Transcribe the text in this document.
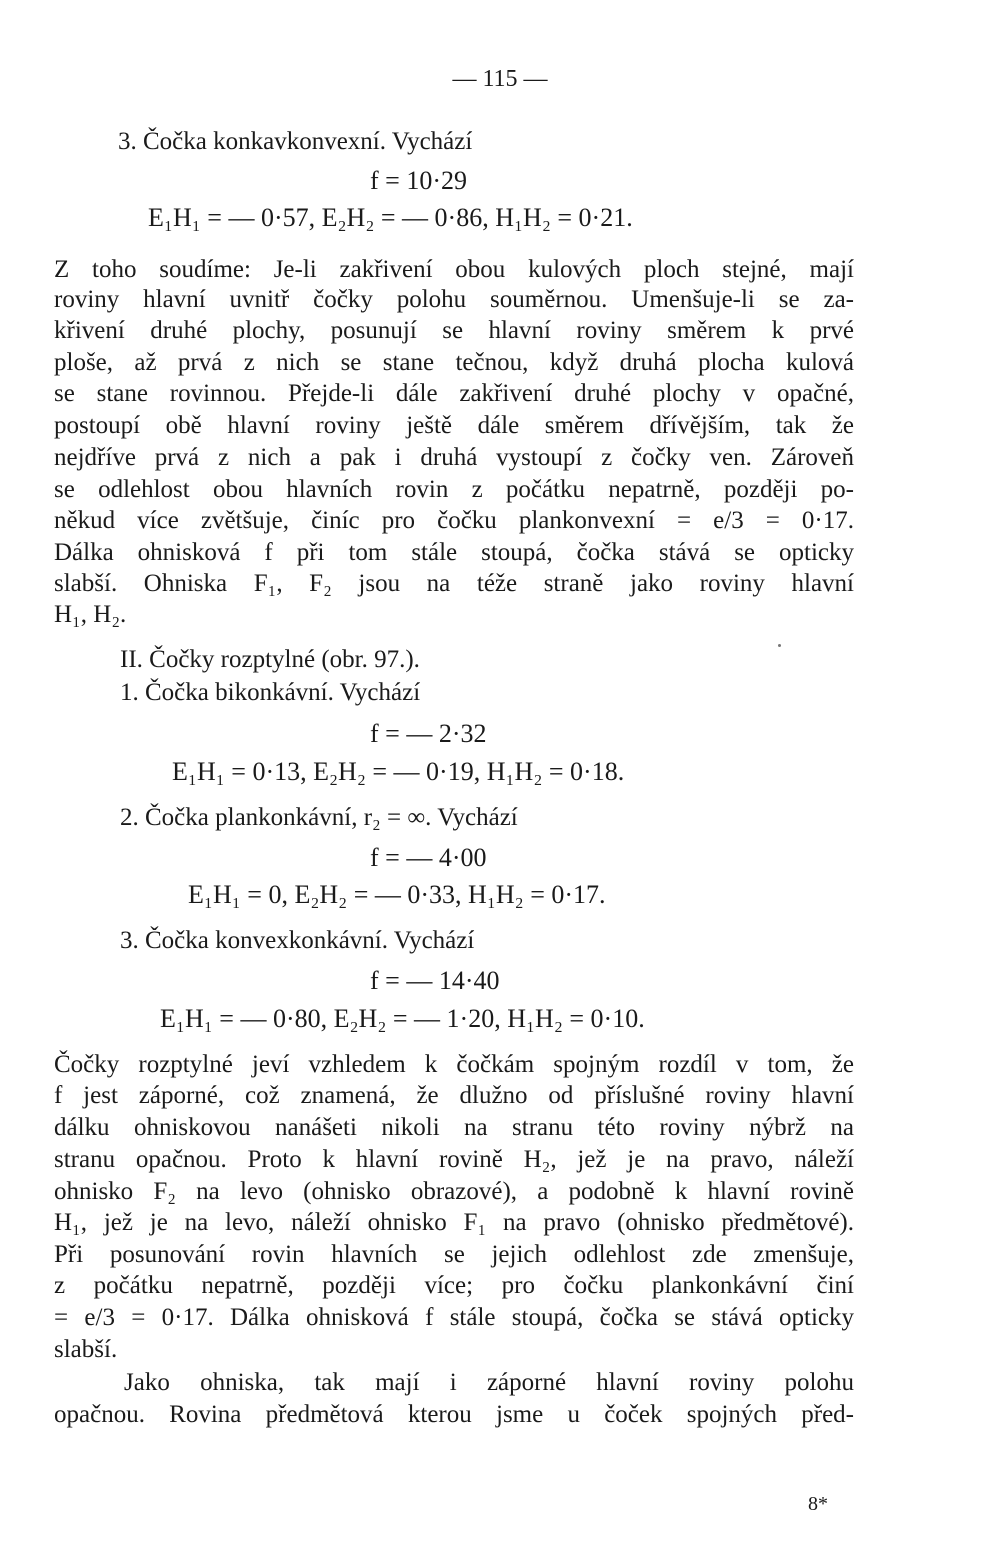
— 115 —
3. Čočka konkavkonvexní. Vychází
f = 10·29
E₁H₁ = — 0·57, E₂H₂ = — 0·86, H₁H₂ = 0·21.
Z toho soudíme: Je-li zakřivení obou kulových ploch stejné, mají
roviny hlavní uvnitř čočky polohu souměrnou. Umenšuje-li se za-
křivení druhé plochy, posunují se hlavní roviny směrem k prvé
ploše, až prvá z nich se stane tečnou, když druhá plocha kulová
se stane rovinnou. Přejde-li dále zakřivení druhé plochy v opačné,
postoupí obě hlavní roviny ještě dále směrem dřívějším, tak že
nejdříve prvá z nich a pak i druhá vystoupí z čočky ven. Zároveň
se odlehlost obou hlavních rovin z počátku nepatrně, později po-
někud více zvětšuje, činíc pro čočku plankonvexní = e/3 = 0·17.
Dálka ohnisková f při tom stále stoupá, čočka stává se opticky
slabší. Ohniska F₁, F₂ jsou na téže straně jako roviny hlavní
H₁, H₂.
II. Čočky rozptylné (obr. 97.).
1. Čočka bikonkávní. Vychází
f = — 2·32
E₁H₁ = 0·13, E₂H₂ = — 0·19, H₁H₂ = 0·18.
2. Čočka plankonkávní, r₂ = ∞. Vychází
f = — 4·00
E₁H₁ = 0, E₂H₂ = — 0·33, H₁H₂ = 0·17.
3. Čočka konvexkonkávní. Vychází
f = — 14·40
E₁H₁ = — 0·80, E₂H₂ = — 1·20, H₁H₂ = 0·10.
Čočky rozptylné jeví vzhledem k čočkám spojným rozdíl v tom, že
f jest záporné, což znamená, že dlužno od příslušné roviny hlavní
dálku ohniskovou nanášeti nikoli na stranu této roviny nýbrž na
stranu opačnou. Proto k hlavní rovině H₂, jež je na pravo, náleží
ohnisko F₂ na levo (ohnisko obrazové), a podobně k hlavní rovině
H₁, jež je na levo, náleží ohnisko F₁ na pravo (ohnisko předmětové).
Při posunování rovin hlavních se jejich odlehlost zde zmenšuje,
z počátku nepatrně, později více; pro čočku plankonkávní činí
= e/3 = 0·17. Dálka ohnisková f stále stoupá, čočka se stává opticky
slabší.
Jako ohniska, tak mají i záporné hlavní roviny polohu
opačnou. Rovina předmětová kterou jsme u čoček spojných před-
8*
